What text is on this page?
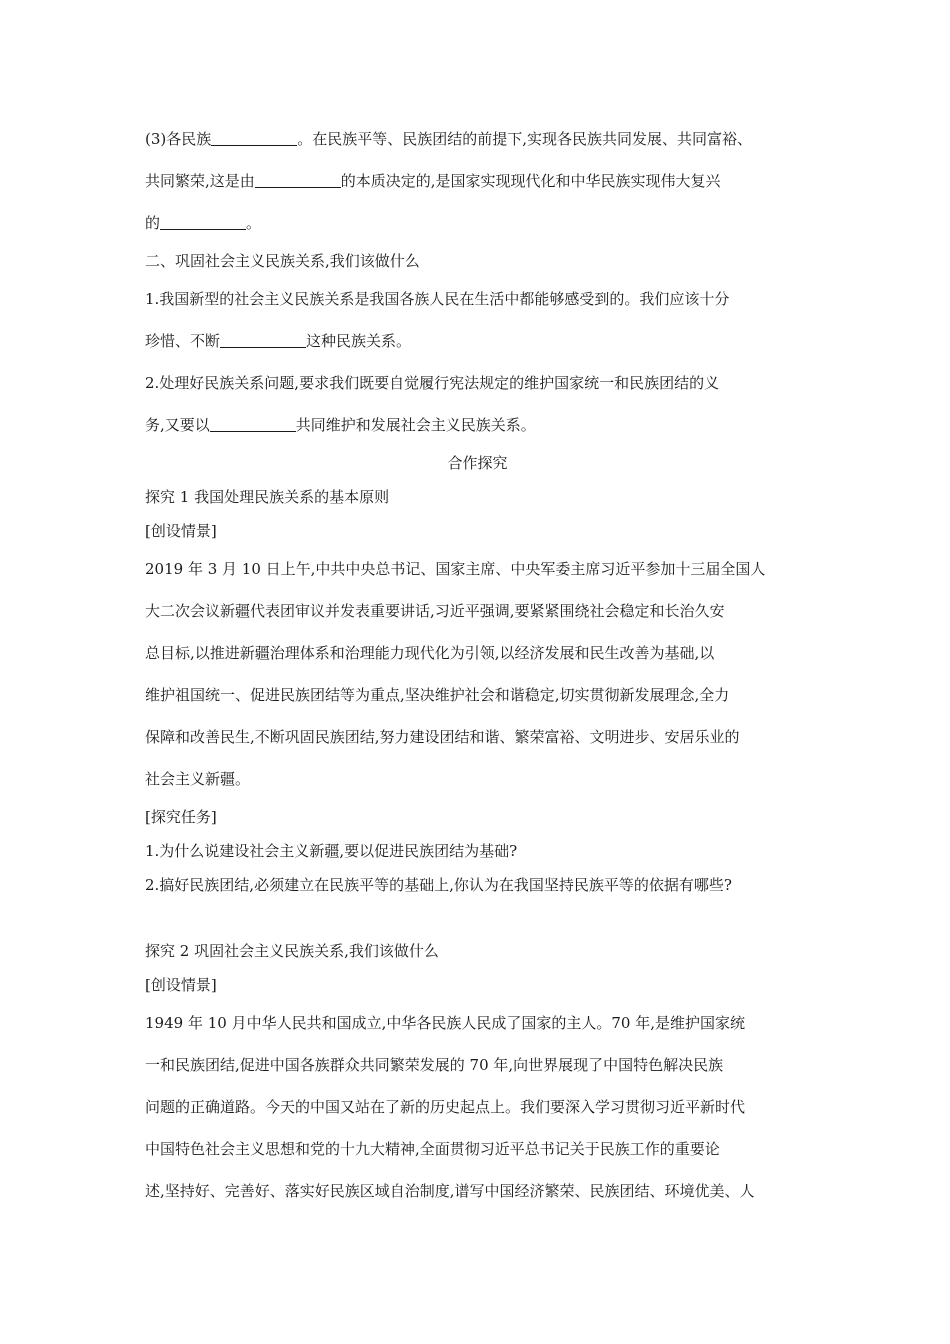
(3)各民族	。在民族平等、民族团结的前提下,实现各民族共同发展、共同富裕、
共同繁荣,这是由	的本质决定的,是国家实现现代化和中华民族实现伟大复兴
的	。
二、巩固社会主义民族关系,我们该做什么
1.我国新型的社会主义民族关系是我国各族人民在生活中都能够感受到的。我们应该十分
珍惜、不断	这种民族关系。
2.处理好民族关系问题,要求我们既要自觉履行宪法规定的维护国家统一和民族团结的义
务,又要以	共同维护和发展社会主义民族关系。
合作探究
探究 1 我国处理民族关系的基本原则
[创设情景]
2019 年 3 月 10 日上午,中共中央总书记、国家主席、中央军委主席习近平参加十三届全国人
大二次会议新疆代表团审议并发表重要讲话,习近平强调,要紧紧围绕社会稳定和长治久安
总目标,以推进新疆治理体系和治理能力现代化为引领,以经济发展和民生改善为基础,以
维护祖国统一、促进民族团结等为重点,坚决维护社会和谐稳定,切实贯彻新发展理念,全力
保障和改善民生,不断巩固民族团结,努力建设团结和谐、繁荣富裕、文明进步、安居乐业的
社会主义新疆。
[探究任务]
1.为什么说建设社会主义新疆,要以促进民族团结为基础?
2.搞好民族团结,必须建立在民族平等的基础上,你认为在我国坚持民族平等的依据有哪些?
探究 2 巩固社会主义民族关系,我们该做什么
[创设情景]
1949 年 10 月中华人民共和国成立,中华各民族人民成了国家的主人。70 年,是维护国家统
一和民族团结,促进中国各族群众共同繁荣发展的 70 年,向世界展现了中国特色解决民族
问题的正确道路。今天的中国又站在了新的历史起点上。我们要深入学习贯彻习近平新时代
中国特色社会主义思想和党的十九大精神,全面贯彻习近平总书记关于民族工作的重要论
述,坚持好、完善好、落实好民族区域自治制度,谱写中国经济繁荣、民族团结、环境优美、人
